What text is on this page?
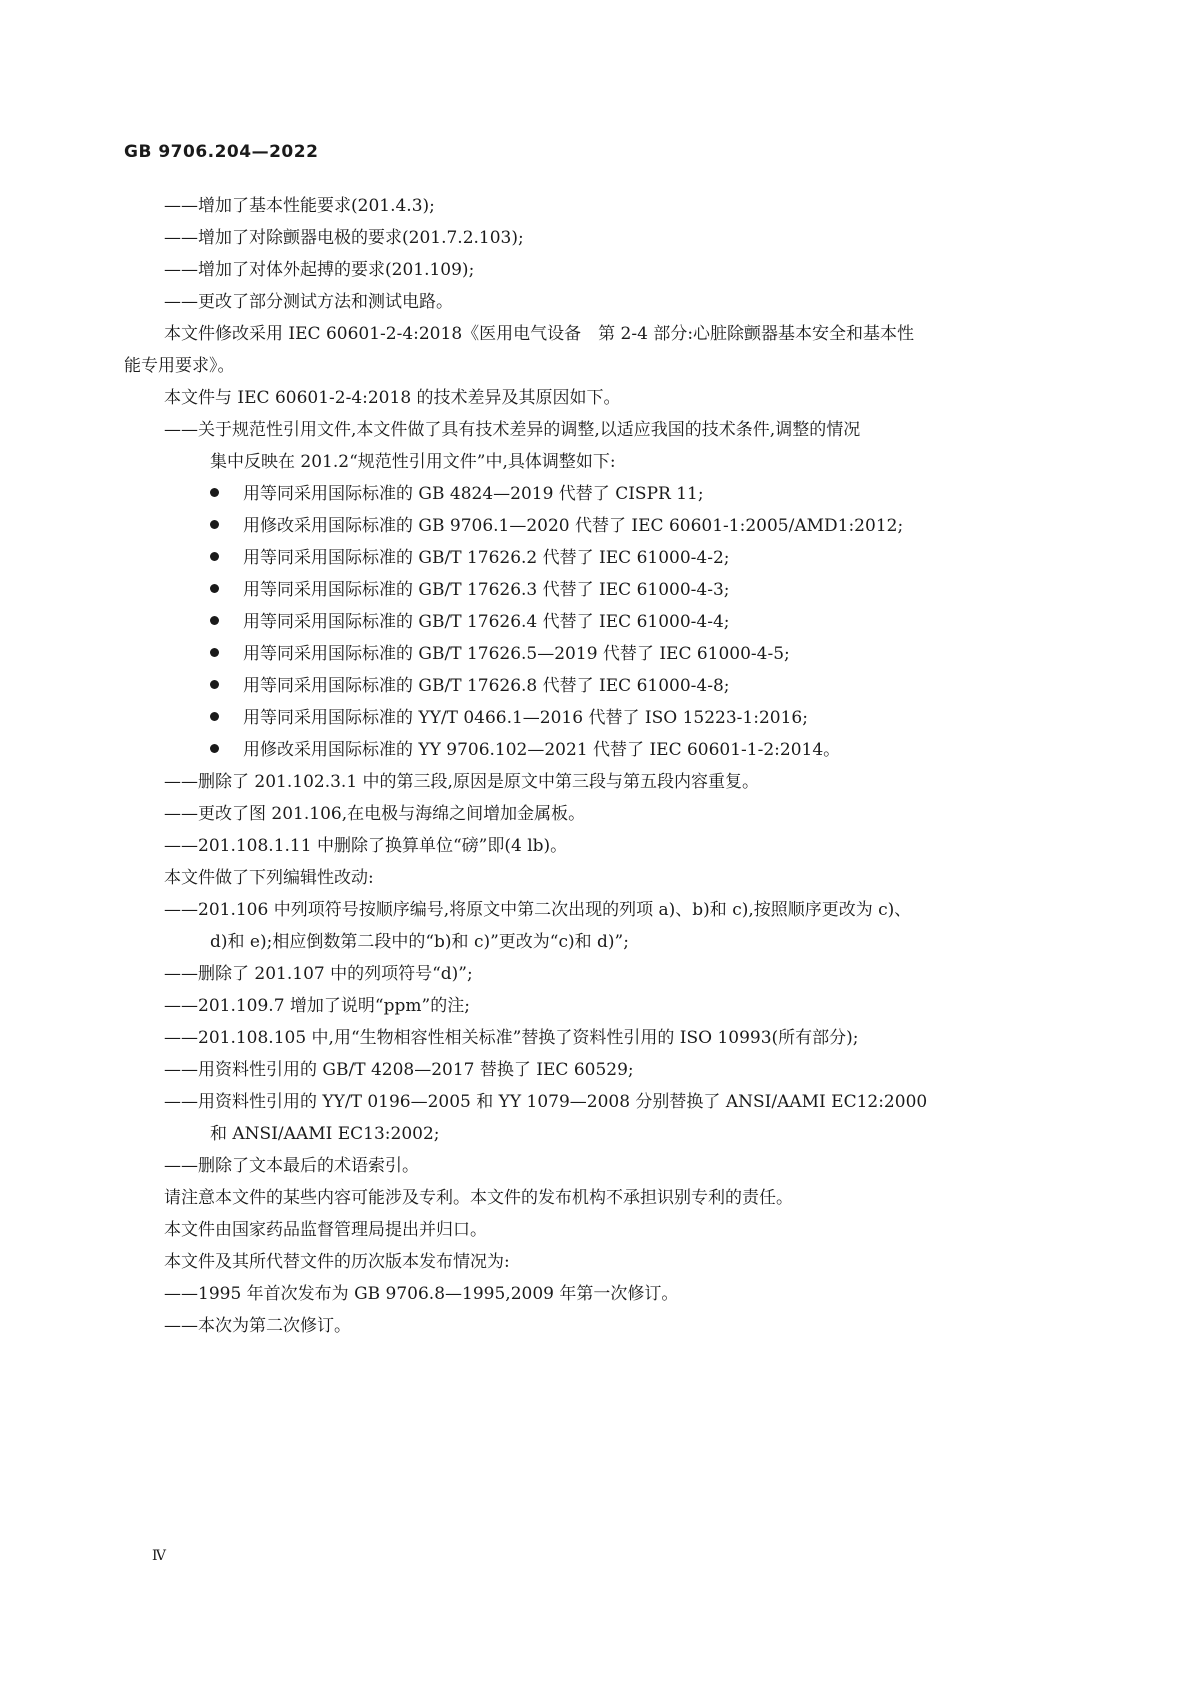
GB 9706.204—2022
——增加了基本性能要求(201.4.3);
——增加了对除颤器电极的要求(201.7.2.103);
——增加了对体外起搏的要求(201.109);
——更改了部分测试方法和测试电路。
本文件修改采用 IEC 60601-2-4:2018《医用电气设备　第 2-4 部分:心脏除颤器基本安全和基本性
能专用要求》。
本文件与 IEC 60601-2-4:2018 的技术差异及其原因如下。
——关于规范性引用文件,本文件做了具有技术差异的调整,以适应我国的技术条件,调整的情况
集中反映在 201.2“规范性引用文件”中,具体调整如下:
用等同采用国际标准的 GB 4824—2019 代替了 CISPR 11;
用修改采用国际标准的 GB 9706.1—2020 代替了 IEC 60601-1:2005/AMD1:2012;
用等同采用国际标准的 GB/T 17626.2 代替了 IEC 61000-4-2;
用等同采用国际标准的 GB/T 17626.3 代替了 IEC 61000-4-3;
用等同采用国际标准的 GB/T 17626.4 代替了 IEC 61000-4-4;
用等同采用国际标准的 GB/T 17626.5—2019 代替了 IEC 61000-4-5;
用等同采用国际标准的 GB/T 17626.8 代替了 IEC 61000-4-8;
用等同采用国际标准的 YY/T 0466.1—2016 代替了 ISO 15223-1:2016;
用修改采用国际标准的 YY 9706.102—2021 代替了 IEC 60601-1-2:2014。
——删除了 201.102.3.1 中的第三段,原因是原文中第三段与第五段内容重复。
——更改了图 201.106,在电极与海绵之间增加金属板。
——201.108.1.11 中删除了换算单位“磅”即(4 lb)。
本文件做了下列编辑性改动:
——201.106 中列项符号按顺序编号,将原文中第二次出现的列项 a)、b)和 c),按照顺序更改为 c)、
d)和 e);相应倒数第二段中的“b)和 c)”更改为“c)和 d)”;
——删除了 201.107 中的列项符号“d)”;
——201.109.7 增加了说明“ppm”的注;
——201.108.105 中,用“生物相容性相关标准”替换了资料性引用的 ISO 10993(所有部分);
——用资料性引用的 GB/T 4208—2017 替换了 IEC 60529;
——用资料性引用的 YY/T 0196—2005 和 YY 1079—2008 分别替换了 ANSI/AAMI EC12:2000
和 ANSI/AAMI EC13:2002;
——删除了文本最后的术语索引。
请注意本文件的某些内容可能涉及专利。本文件的发布机构不承担识别专利的责任。
本文件由国家药品监督管理局提出并归口。
本文件及其所代替文件的历次版本发布情况为:
——1995 年首次发布为 GB 9706.8—1995,2009 年第一次修订。
——本次为第二次修订。
Ⅳ
